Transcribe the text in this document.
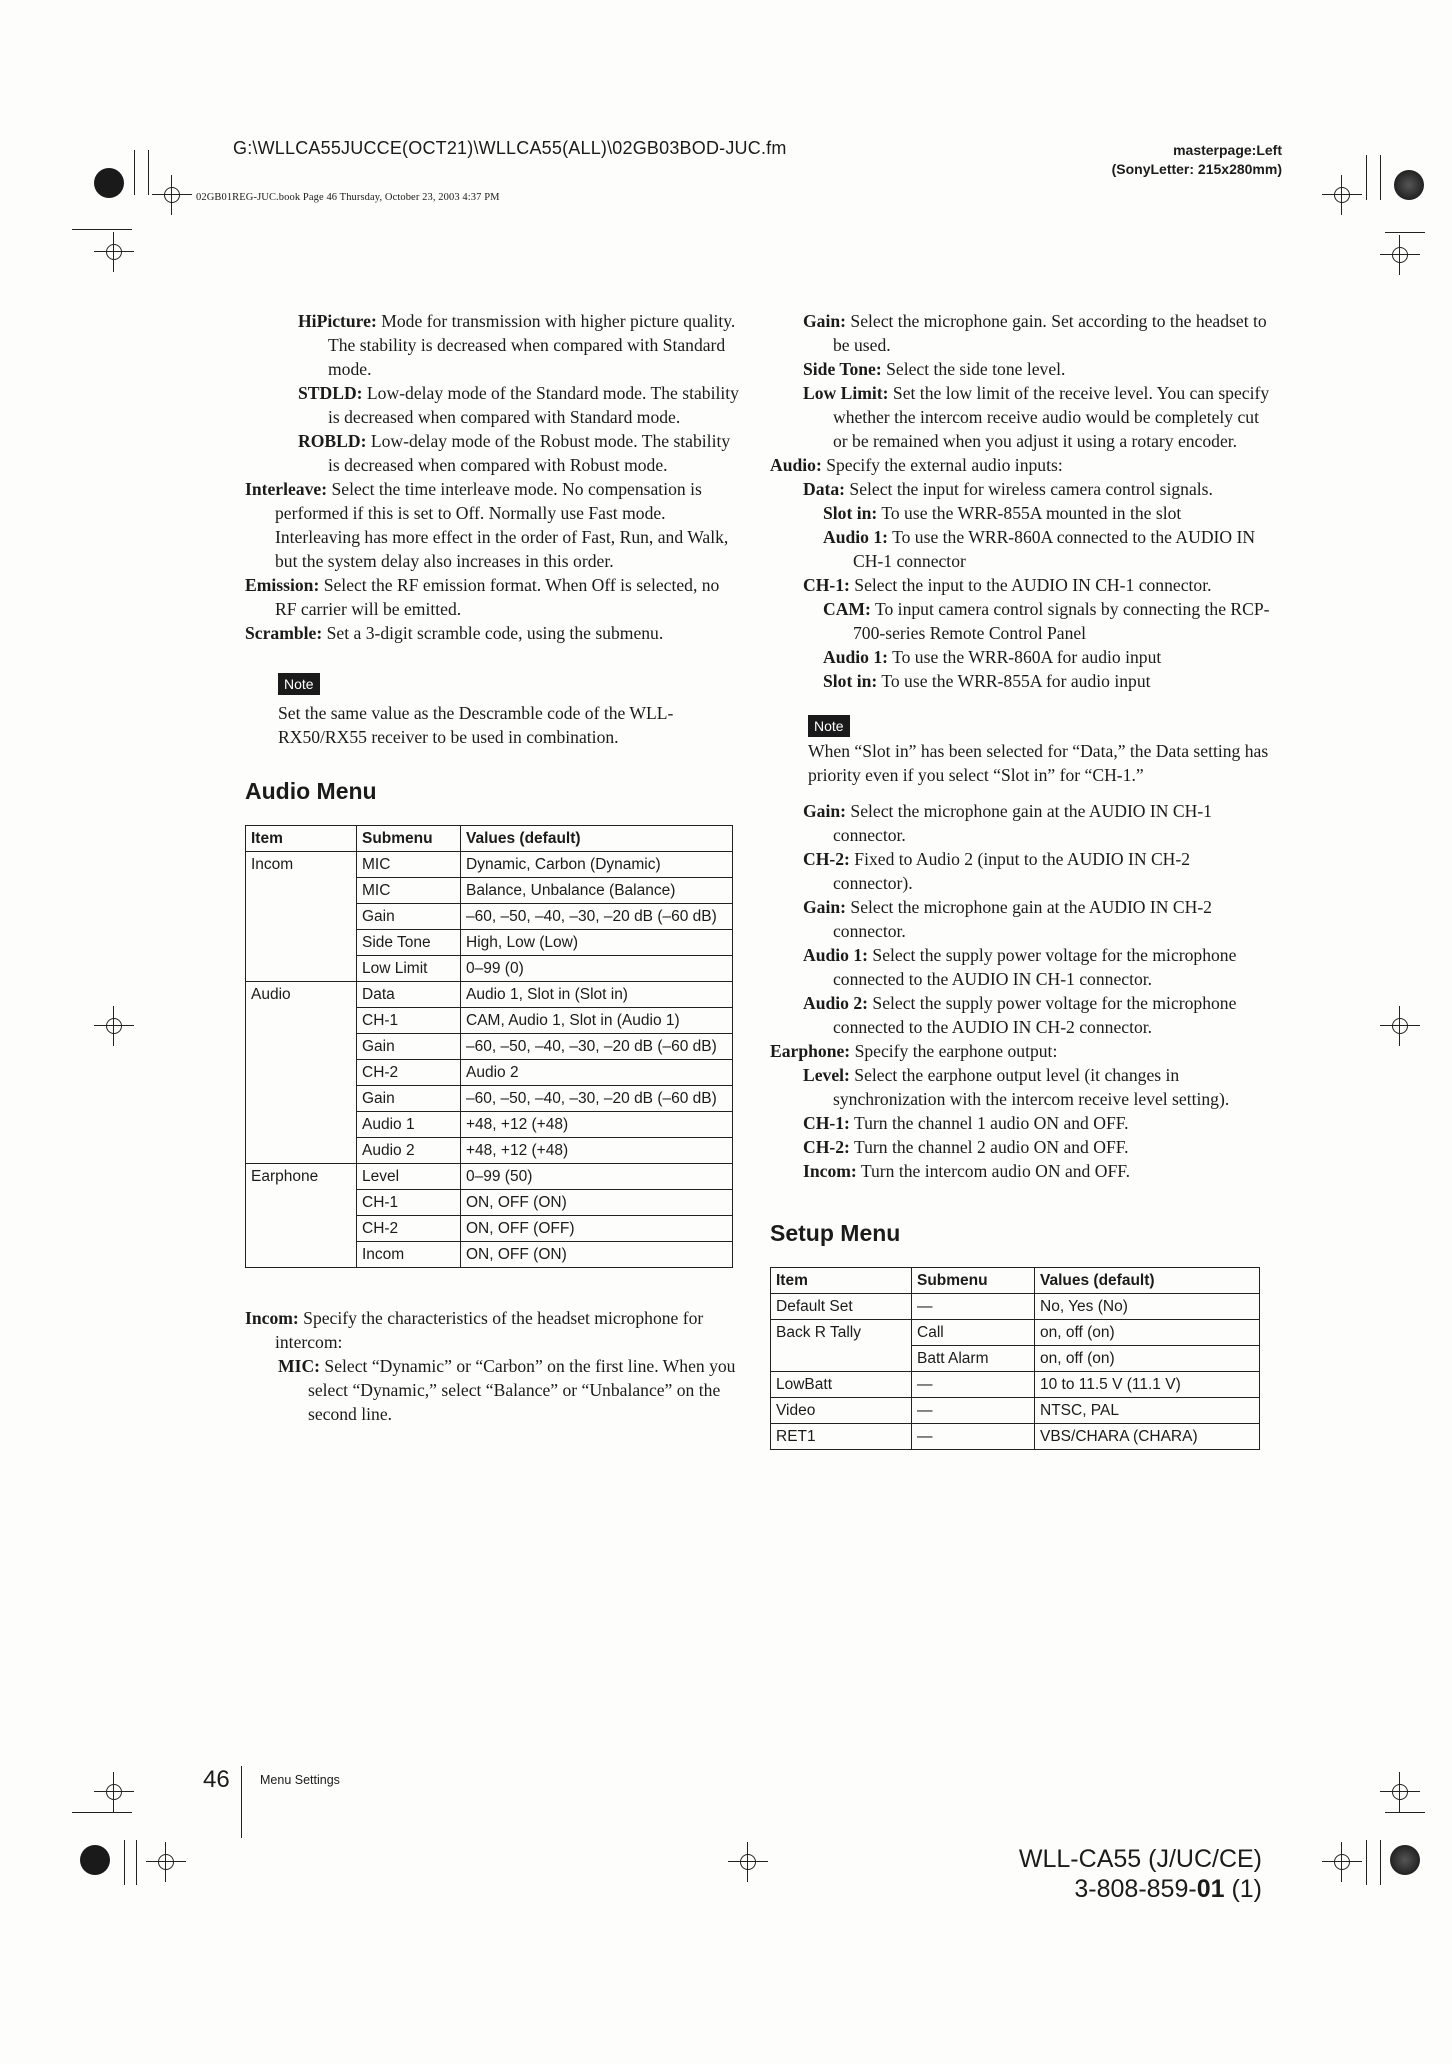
G:\WLLCA55JUCCE(OCT21)\WLLCA55(ALL)\02GB03BOD-JUC.fm	masterpage:Left
(SonyLetter: 215x280mm)
02GB01REG-JUC.book Page 46 Thursday, October 23, 2003 4:37 PM
HiPicture: Mode for transmission with higher picture quality. The stability is decreased when compared with Standard mode.
STDLD: Low-delay mode of the Standard mode. The stability is decreased when compared with Standard mode.
ROBLD: Low-delay mode of the Robust mode. The stability is decreased when compared with Robust mode.
Interleave: Select the time interleave mode. No compensation is performed if this is set to Off. Normally use Fast mode. Interleaving has more effect in the order of Fast, Run, and Walk, but the system delay also increases in this order.
Emission: Select the RF emission format. When Off is selected, no RF carrier will be emitted.
Scramble: Set a 3-digit scramble code, using the submenu.
Note
Set the same value as the Descramble code of the WLL-RX50/RX55 receiver to be used in combination.
Audio Menu
Item	Submenu	Values (default)
Incom	MIC	Dynamic, Carbon (Dynamic)
	MIC	Balance, Unbalance (Balance)
	Gain	–60, –50, –40, –30, –20 dB (–60 dB)
	Side Tone	High, Low (Low)
	Low Limit	0–99 (0)
Audio	Data	Audio 1, Slot in (Slot in)
	CH-1	CAM, Audio 1, Slot in (Audio 1)
	Gain	–60, –50, –40, –30, –20 dB (–60 dB)
	CH-2	Audio 2
	Gain	–60, –50, –40, –30, –20 dB (–60 dB)
	Audio 1	+48, +12 (+48)
	Audio 2	+48, +12 (+48)
Earphone	Level	0–99 (50)
	CH-1	ON, OFF (ON)
	CH-2	ON, OFF (OFF)
	Incom	ON, OFF (ON)
Incom: Specify the characteristics of the headset microphone for intercom:
MIC: Select “Dynamic” or “Carbon” on the first line. When you select “Dynamic,” select “Balance” or “Unbalance” on the second line.
Gain: Select the microphone gain. Set according to the headset to be used.
Side Tone: Select the side tone level.
Low Limit: Set the low limit of the receive level. You can specify whether the intercom receive audio would be completely cut or be remained when you adjust it using a rotary encoder.
Audio: Specify the external audio inputs:
Data: Select the input for wireless camera control signals.
Slot in: To use the WRR-855A mounted in the slot
Audio 1: To use the WRR-860A connected to the AUDIO IN CH-1 connector
CH-1: Select the input to the AUDIO IN CH-1 connector.
CAM: To input camera control signals by connecting the RCP-700-series Remote Control Panel
Audio 1: To use the WRR-860A for audio input
Slot in: To use the WRR-855A for audio input
Note
When “Slot in” has been selected for “Data,” the Data setting has priority even if you select “Slot in” for “CH-1.”
Gain: Select the microphone gain at the AUDIO IN CH-1 connector.
CH-2: Fixed to Audio 2 (input to the AUDIO IN CH-2 connector).
Gain: Select the microphone gain at the AUDIO IN CH-2 connector.
Audio 1: Select the supply power voltage for the microphone connected to the AUDIO IN CH-1 connector.
Audio 2: Select the supply power voltage for the microphone connected to the AUDIO IN CH-2 connector.
Earphone: Specify the earphone output:
Level: Select the earphone output level (it changes in synchronization with the intercom receive level setting).
CH-1: Turn the channel 1 audio ON and OFF.
CH-2: Turn the channel 2 audio ON and OFF.
Incom: Turn the intercom audio ON and OFF.
Setup Menu
Item	Submenu	Values (default)
Default Set	—	No, Yes (No)
Back R Tally	Call	on, off (on)
	Batt Alarm	on, off (on)
LowBatt	—	10 to 11.5 V (11.1 V)
Video	—	NTSC, PAL
RET1	—	VBS/CHARA (CHARA)
46 Menu Settings
WLL-CA55 (J/UC/CE)
3-808-859-01 (1)
